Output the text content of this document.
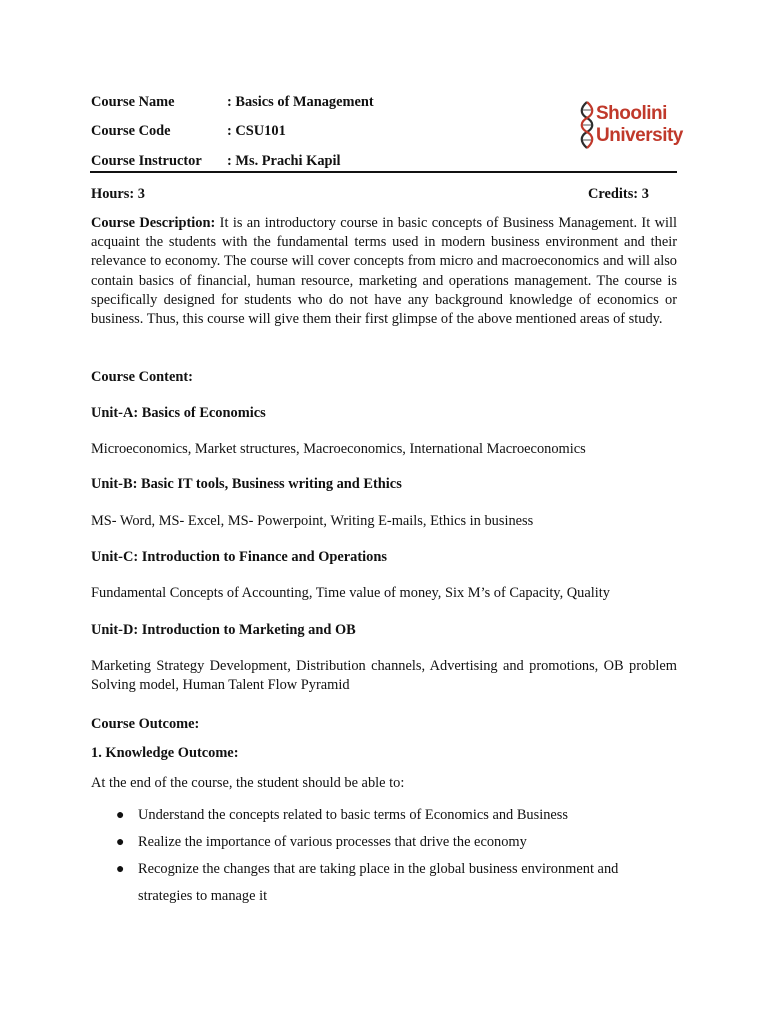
Course Name	: Basics of Management
Course Code	: CSU101
Course Instructor : Ms. Prachi Kapil
Shoolini
University
Hours: 3	Credits: 3
Course Description: It is an introductory course in basic concepts of Business Management. It will acquaint the students with the fundamental terms used in modern business environment and their relevance to economy. The course will cover concepts from micro and macroeconomics and will also contain basics of financial, human resource, marketing and operations management. The course is specifically designed for students who do not have any background knowledge of economics or business. Thus, this course will give them their first glimpse of the above mentioned areas of study.
Course Content:
Unit-A: Basics of Economics
Microeconomics, Market structures, Macroeconomics, International Macroeconomics
Unit-B: Basic IT tools, Business writing and Ethics
MS- Word, MS- Excel, MS- Powerpoint, Writing E-mails, Ethics in business
Unit-C: Introduction to Finance and Operations
Fundamental Concepts of Accounting, Time value of money, Six M’s of Capacity, Quality
Unit-D: Introduction to Marketing and OB
Marketing Strategy Development, Distribution channels, Advertising and promotions, OB problem Solving model, Human Talent Flow Pyramid
Course Outcome:
1. Knowledge Outcome:
At the end of the course, the student should be able to:
● Understand the concepts related to basic terms of Economics and Business
● Realize the importance of various processes that drive the economy
● Recognize the changes that are taking place in the global business environment and strategies to manage it
